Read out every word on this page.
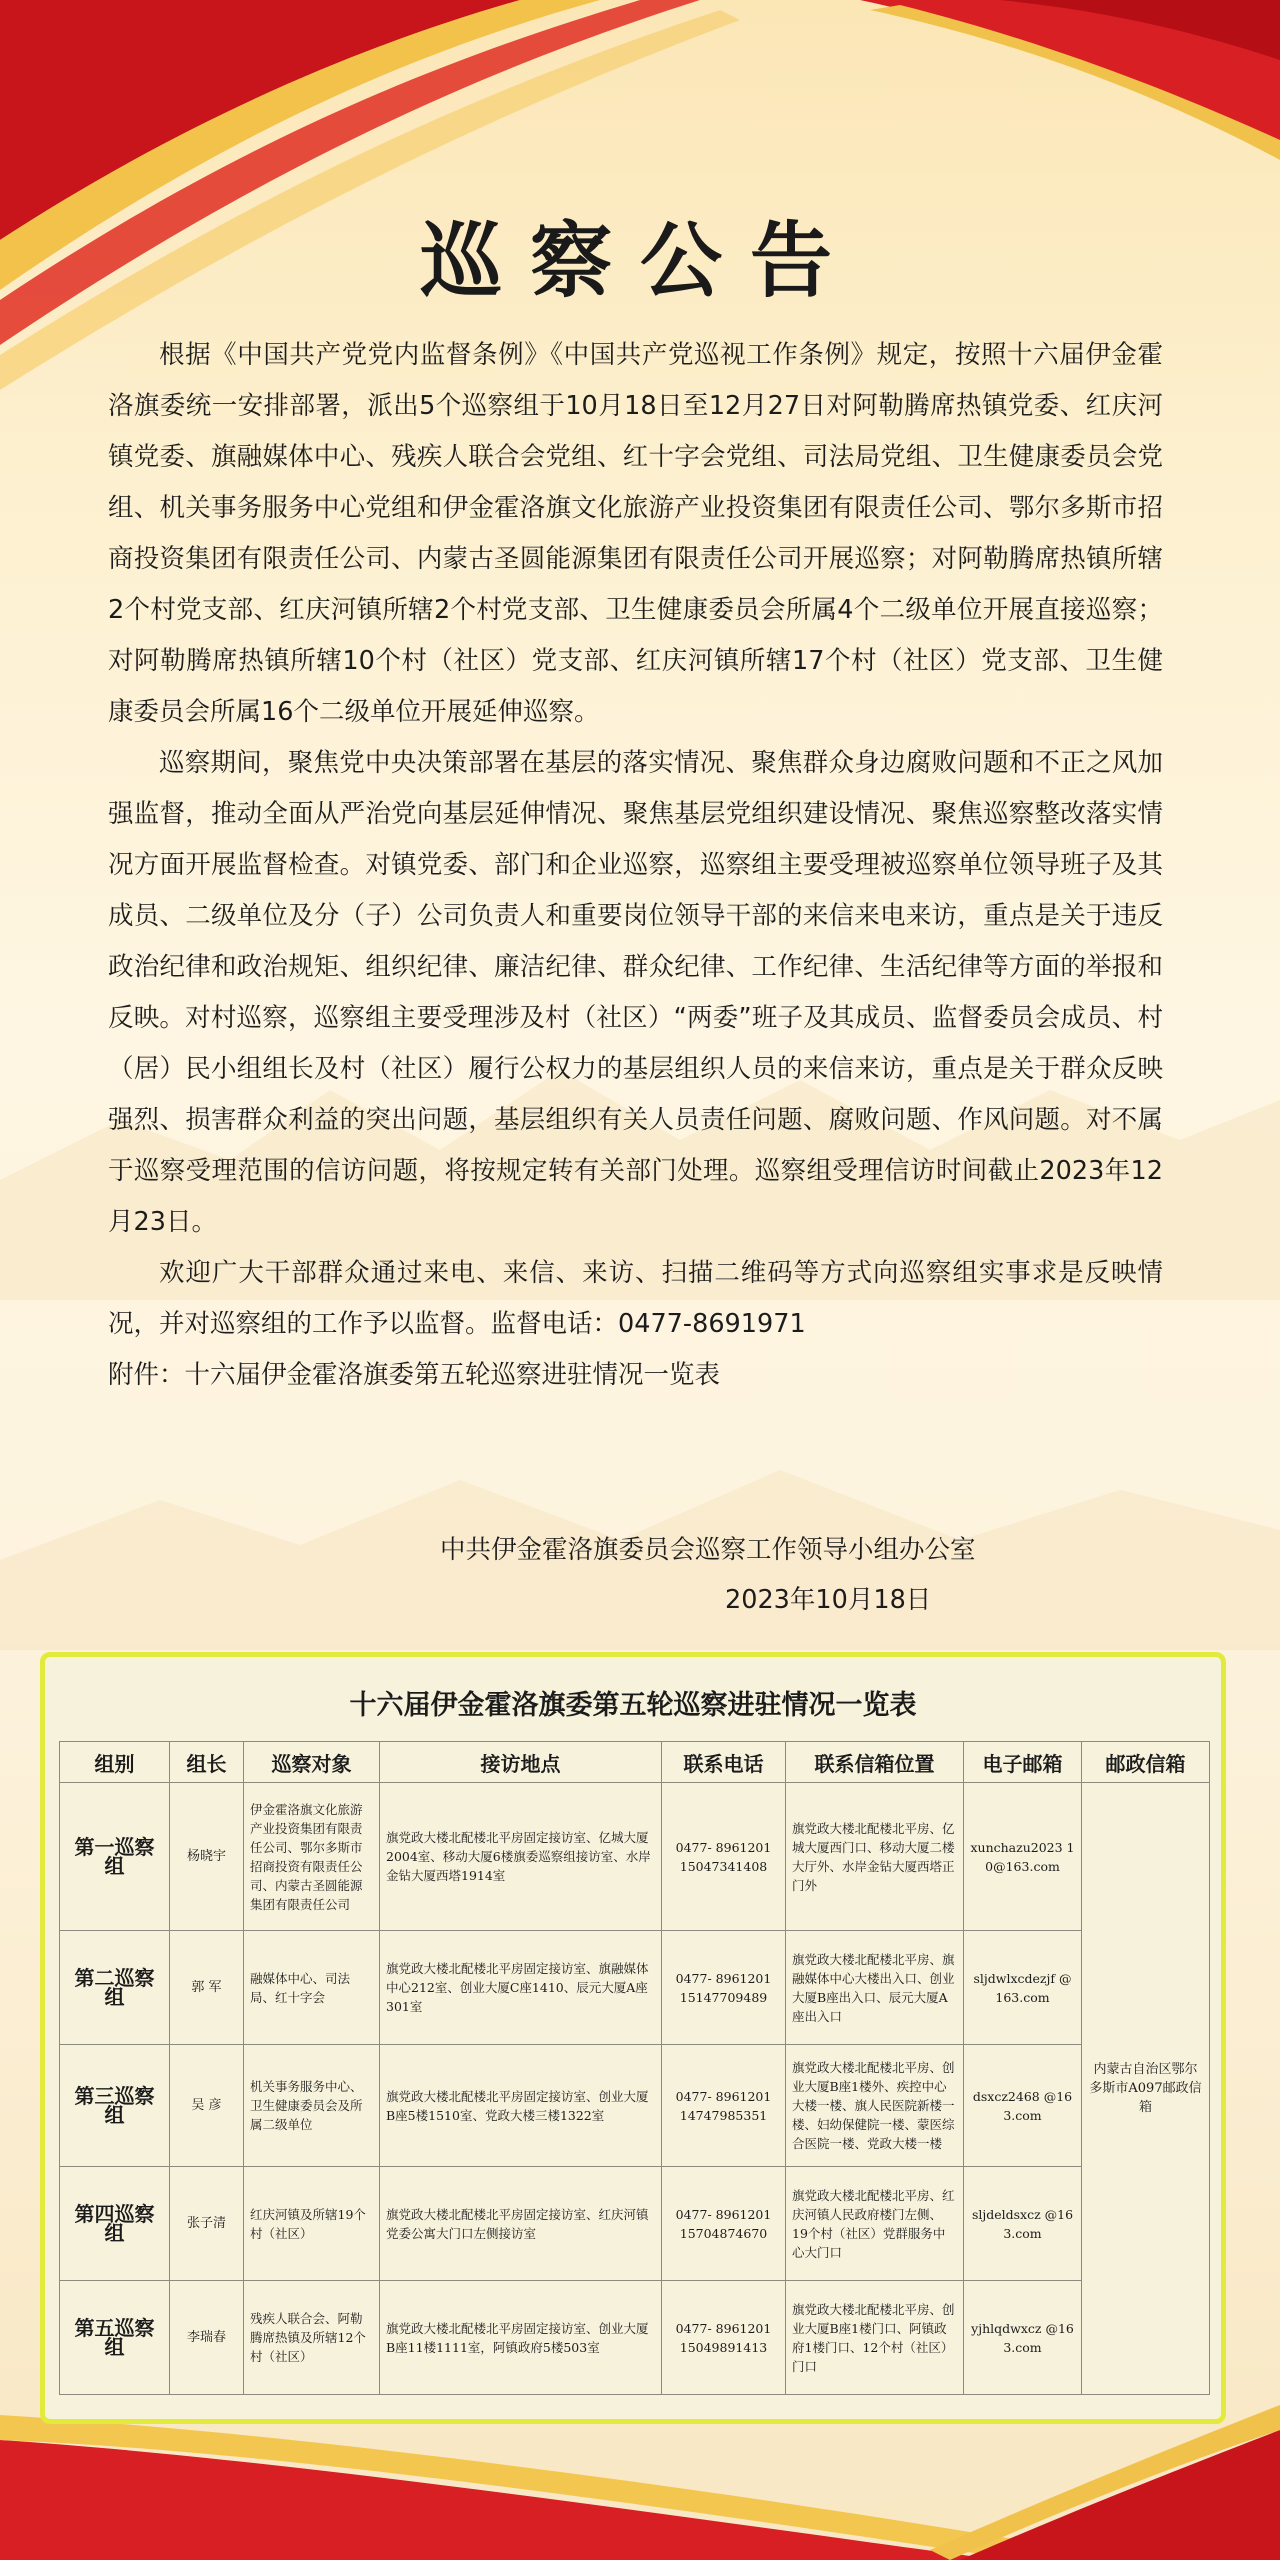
巡察公告

根据《中国共产党党内监督条例》《中国共产党巡视工作条例》规定，按照十六届伊金霍洛旗委统一安排部署，派出5个巡察组于10月18日至12月27日对阿勒腾席热镇党委、红庆河镇党委、旗融媒体中心、残疾人联合会党组、红十字会党组、司法局党组、卫生健康委员会党组、机关事务服务中心党组和伊金霍洛旗文化旅游产业投资集团有限责任公司、鄂尔多斯市招商投资集团有限责任公司、内蒙古圣圆能源集团有限责任公司开展巡察；对阿勒腾席热镇所辖2个村党支部、红庆河镇所辖2个村党支部、卫生健康委员会所属4个二级单位开展直接巡察；对阿勒腾席热镇所辖10个村（社区）党支部、红庆河镇所辖17个村（社区）党支部、卫生健康委员会所属16个二级单位开展延伸巡察。

巡察期间，聚焦党中央决策部署在基层的落实情况、聚焦群众身边腐败问题和不正之风加强监督，推动全面从严治党向基层延伸情况、聚焦基层党组织建设情况、聚焦巡察整改落实情况方面开展监督检查。对镇党委、部门和企业巡察，巡察组主要受理被巡察单位领导班子及其成员、二级单位及分（子）公司负责人和重要岗位领导干部的来信来电来访，重点是关于违反政治纪律和政治规矩、组织纪律、廉洁纪律、群众纪律、工作纪律、生活纪律等方面的举报和反映。对村巡察，巡察组主要受理涉及村（社区）“两委”班子及其成员、监督委员会成员、村（居）民小组组长及村（社区）履行公权力的基层组织人员的来信来访，重点是关于群众反映强烈、损害群众利益的突出问题，基层组织有关人员责任问题、腐败问题、作风问题。对不属于巡察受理范围的信访问题，将按规定转有关部门处理。巡察组受理信访时间截止2023年12月23日。

欢迎广大干部群众通过来电、来信、来访、扫描二维码等方式向巡察组实事求是反映情况，并对巡察组的工作予以监督。监督电话：0477-8691971

附件：十六届伊金霍洛旗委第五轮巡察进驻情况一览表

中共伊金霍洛旗委员会巡察工作领导小组办公室
2023年10月18日
十六届伊金霍洛旗委第五轮巡察进驻情况一览表
组别	组长	巡察对象	接访地点	联系电话	联系信箱位置	电子邮箱	邮政信箱
第一巡察组	杨晓宇	伊金霍洛旗文化旅游产业投资集团有限责任公司、鄂尔多斯市招商投资有限责任公司、内蒙古圣圆能源集团有限责任公司	旗党政大楼北配楼北平房固定接访室、亿城大厦2004室、移动大厦6楼旗委巡察组接访室、水岸金钻大厦西塔1914室	0477- 8961201 15047341408	旗党政大楼北配楼北平房、亿城大厦西门口、移动大厦二楼大厅外、水岸金钻大厦西塔正门外	xunchazu2023 10@163.com	内蒙古自治区鄂尔多斯市A097邮政信箱
第二巡察组	郭 军	融媒体中心、司法局、红十字会	旗党政大楼北配楼北平房固定接访室、旗融媒体中心212室、创业大厦C座1410、辰元大厦A座301室	0477- 8961201 15147709489	旗党政大楼北配楼北平房、旗融媒体中心大楼出入口、创业大厦B座出入口、辰元大厦A座出入口	sljdwlxcdezjf @163.com	
第三巡察组	吴 彦	机关事务服务中心、卫生健康委员会及所属二级单位	旗党政大楼北配楼北平房固定接访室、创业大厦B座5楼1510室、党政大楼三楼1322室	0477- 8961201 14747985351	旗党政大楼北配楼北平房、创业大厦B座1楼外、疾控中心大楼一楼、旗人民医院新楼一楼、妇幼保健院一楼、蒙医综合医院一楼、党政大楼一楼	dsxcz2468 @163.com	
第四巡察组	张子清	红庆河镇及所辖19个村（社区）	旗党政大楼北配楼北平房固定接访室、红庆河镇党委公寓大门口左侧接访室	0477- 8961201 15704874670	旗党政大楼北配楼北平房、红庆河镇人民政府楼门左侧、19个村（社区）党群服务中心大门口	sljdeldsxcz @163.com	
第五巡察组	李瑞春	残疾人联合会、阿勒腾席热镇及所辖12个村（社区）	旗党政大楼北配楼北平房固定接访室、创业大厦B座11楼1111室，阿镇政府5楼503室	0477- 8961201 15049891413	旗党政大楼北配楼北平房、创业大厦B座1楼门口、阿镇政府1楼门口、12个村（社区）门口	yjhlqdwxcz @163.com	
